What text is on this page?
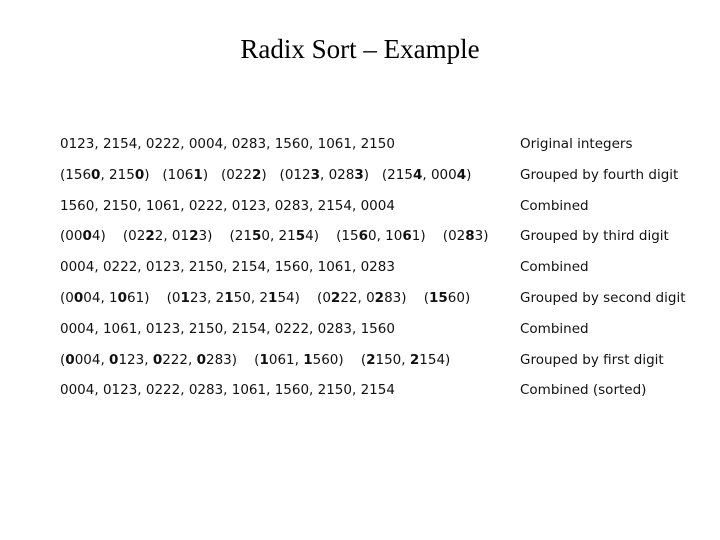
Radix Sort – Example
0123, 2154, 0222, 0004, 0283, 1560, 1061, 2150	Original integers
(1560, 2150)   (1061)   (0222)   (0123, 0283)   (2154, 0004)	Grouped by fourth digit
1560, 2150, 1061, 0222, 0123, 0283, 2154, 0004	Combined
(0004)    (0222, 0123)    (2150, 2154)    (1560, 1061)    (0283) Grouped by third digit
0004, 0222, 0123, 2150, 2154, 1560, 1061, 0283	Combined
(0004, 1061)    (0123, 2150, 2154)    (0222, 0283)    (1560)	Grouped by second digit
0004, 1061, 0123, 2150, 2154, 0222, 0283, 1560	Combined
(0004, 0123, 0222, 0283)    (1061, 1560)    (2150, 2154)	Grouped by first digit
0004, 0123, 0222, 0283, 1061, 1560, 2150, 2154	Combined (sorted)
